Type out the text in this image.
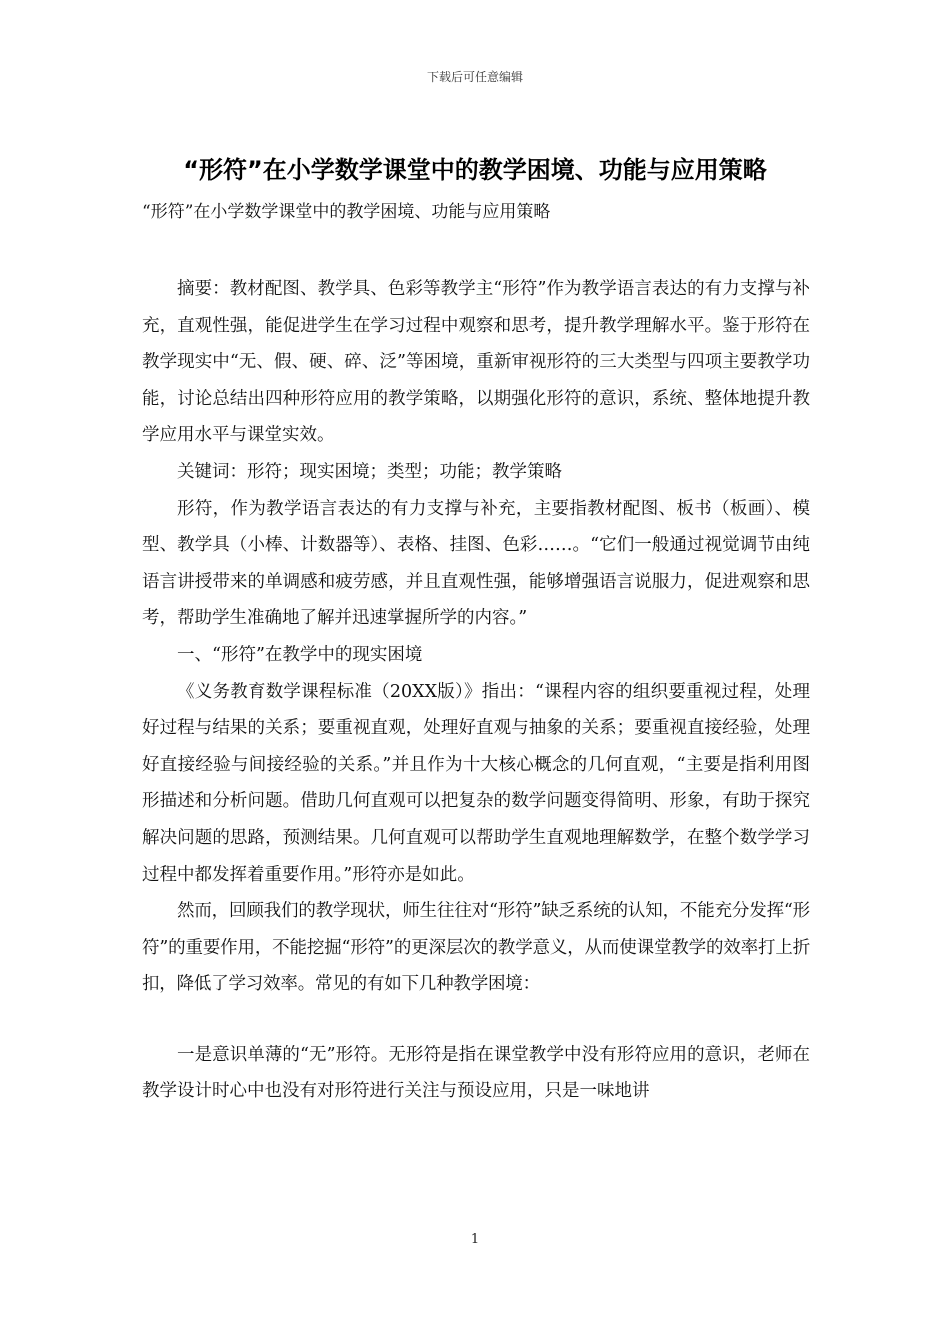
下载后可任意编辑
“形符”在小学数学课堂中的教学困境、功能与应用策略
“形符”在小学数学课堂中的教学困境、功能与应用策略

摘要：教材配图、教学具、色彩等教学主“形符”作为教学语言表达的有力支撑与补充，直观性强，能促进学生在学习过程中观察和思考，提升教学理解水平。鉴于形符在教学现实中“无、假、硬、碎、泛”等困境，重新审视形符的三大类型与四项主要教学功能，讨论总结出四种形符应用的教学策略，以期强化形符的意识，系统、整体地提升教学应用水平与课堂实效。

关键词：形符；现实困境；类型；功能；教学策略

形符，作为教学语言表达的有力支撑与补充，主要指教材配图、板书（板画）、模型、教学具（小棒、计数器等）、表格、挂图、色彩……。“它们一般通过视觉调节由纯语言讲授带来的单调感和疲劳感，并且直观性强，能够增强语言说服力，促进观察和思考，帮助学生准确地了解并迅速掌握所学的内容。”

一、“形符”在教学中的现实困境

《义务教育数学课程标准（20XX版）》指出：“课程内容的组织要重视过程，处理好过程与结果的关系；要重视直观，处理好直观与抽象的关系；要重视直接经验，处理好直接经验与间接经验的关系。”并且作为十大核心概念的几何直观，“主要是指利用图形描述和分析问题。借助几何直观可以把复杂的数学问题变得简明、形象，有助于探究解决问题的思路，预测结果。几何直观可以帮助学生直观地理解数学，在整个数学学习过程中都发挥着重要作用。”形符亦是如此。

然而，回顾我们的教学现状，师生往往对“形符”缺乏系统的认知，不能充分发挥“形符”的重要作用，不能挖掘“形符”的更深层次的教学意义，从而使课堂教学的效率打上折扣，降低了学习效率。常见的有如下几种教学困境：

一是意识单薄的“无”形符。无形符是指在课堂教学中没有形符应用的意识，老师在教学设计时心中也没有对形符进行关注与预设应用，只是一味地讲

1
